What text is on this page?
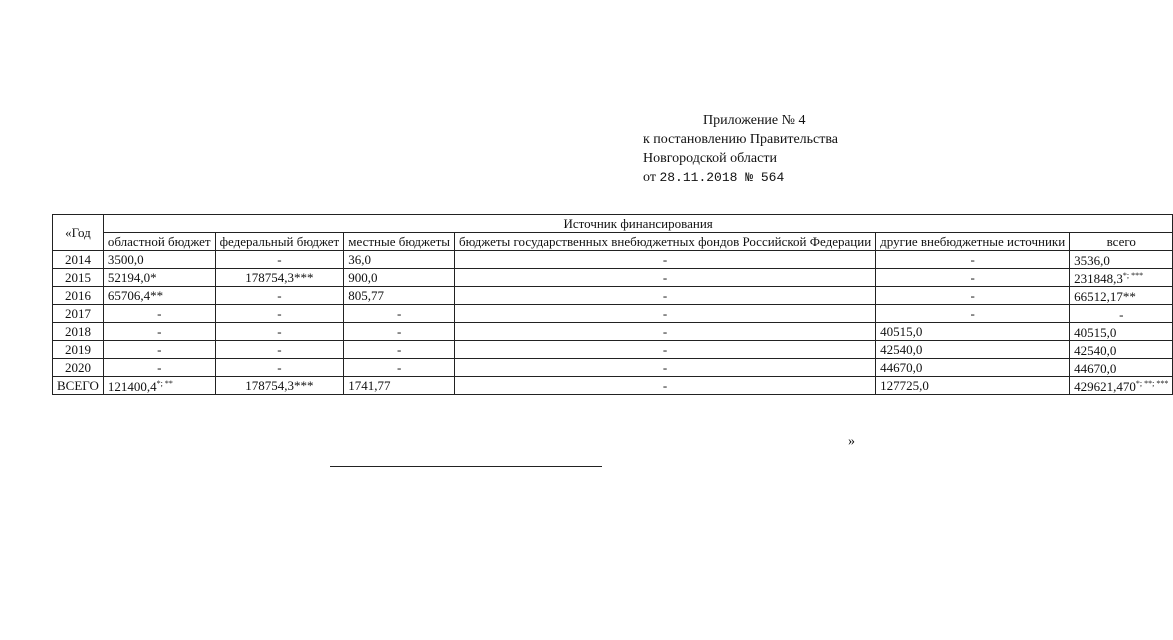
Приложение № 4
к постановлению Правительства
Новгородской области
от 28.11.2018 № 564
«Год	Источник финансирования					
	областной бюджет	федеральный бюджет	местные бюджеты	бюджеты государственных внебюджетных фондов Российской Федерации	другие внебюджетные источники	всего
2014	3500,0	-	36,0	-	-	3536,0
2015	52194,0*	178754,3***	900,0	-	-	231848,3*; ***
2016	65706,4**	-	805,77	-	-	66512,17**
2017	-	-	-	-	-	-
2018	-	-	-	-	40515,0	40515,0
2019	-	-	-	-	42540,0	42540,0
2020	-	-	-	-	44670,0	44670,0
ВСЕГО	121400,4*; **	178754,3***	1741,77	-	127725,0	429621,470*; **; ***
»
